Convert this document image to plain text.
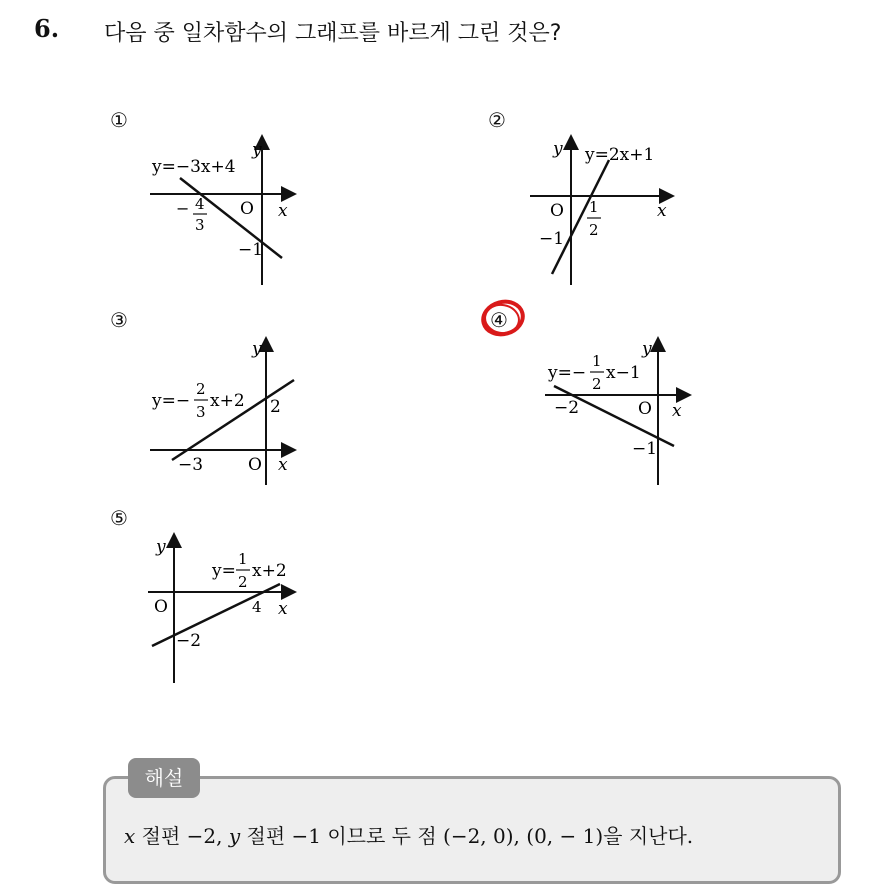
6. 다음 중 일차함수의 그래프를 바르게 그린 것은?
①
y=−3x+4
y
O x
− 4
3
−1
②
y y=2x+1
O 1
2
x
−1
③
y
y=−
2
3
x+2 2
−3	O x
④
y
y=−
1
2
x−1
−2	O x
−1
⑤
y
y=
1
2
x+2
O	4 x
−2
해설
x 절편 −2, y 절편 −1 이므로 두 점 (−2, 0), (0, − 1)을 지난다.
